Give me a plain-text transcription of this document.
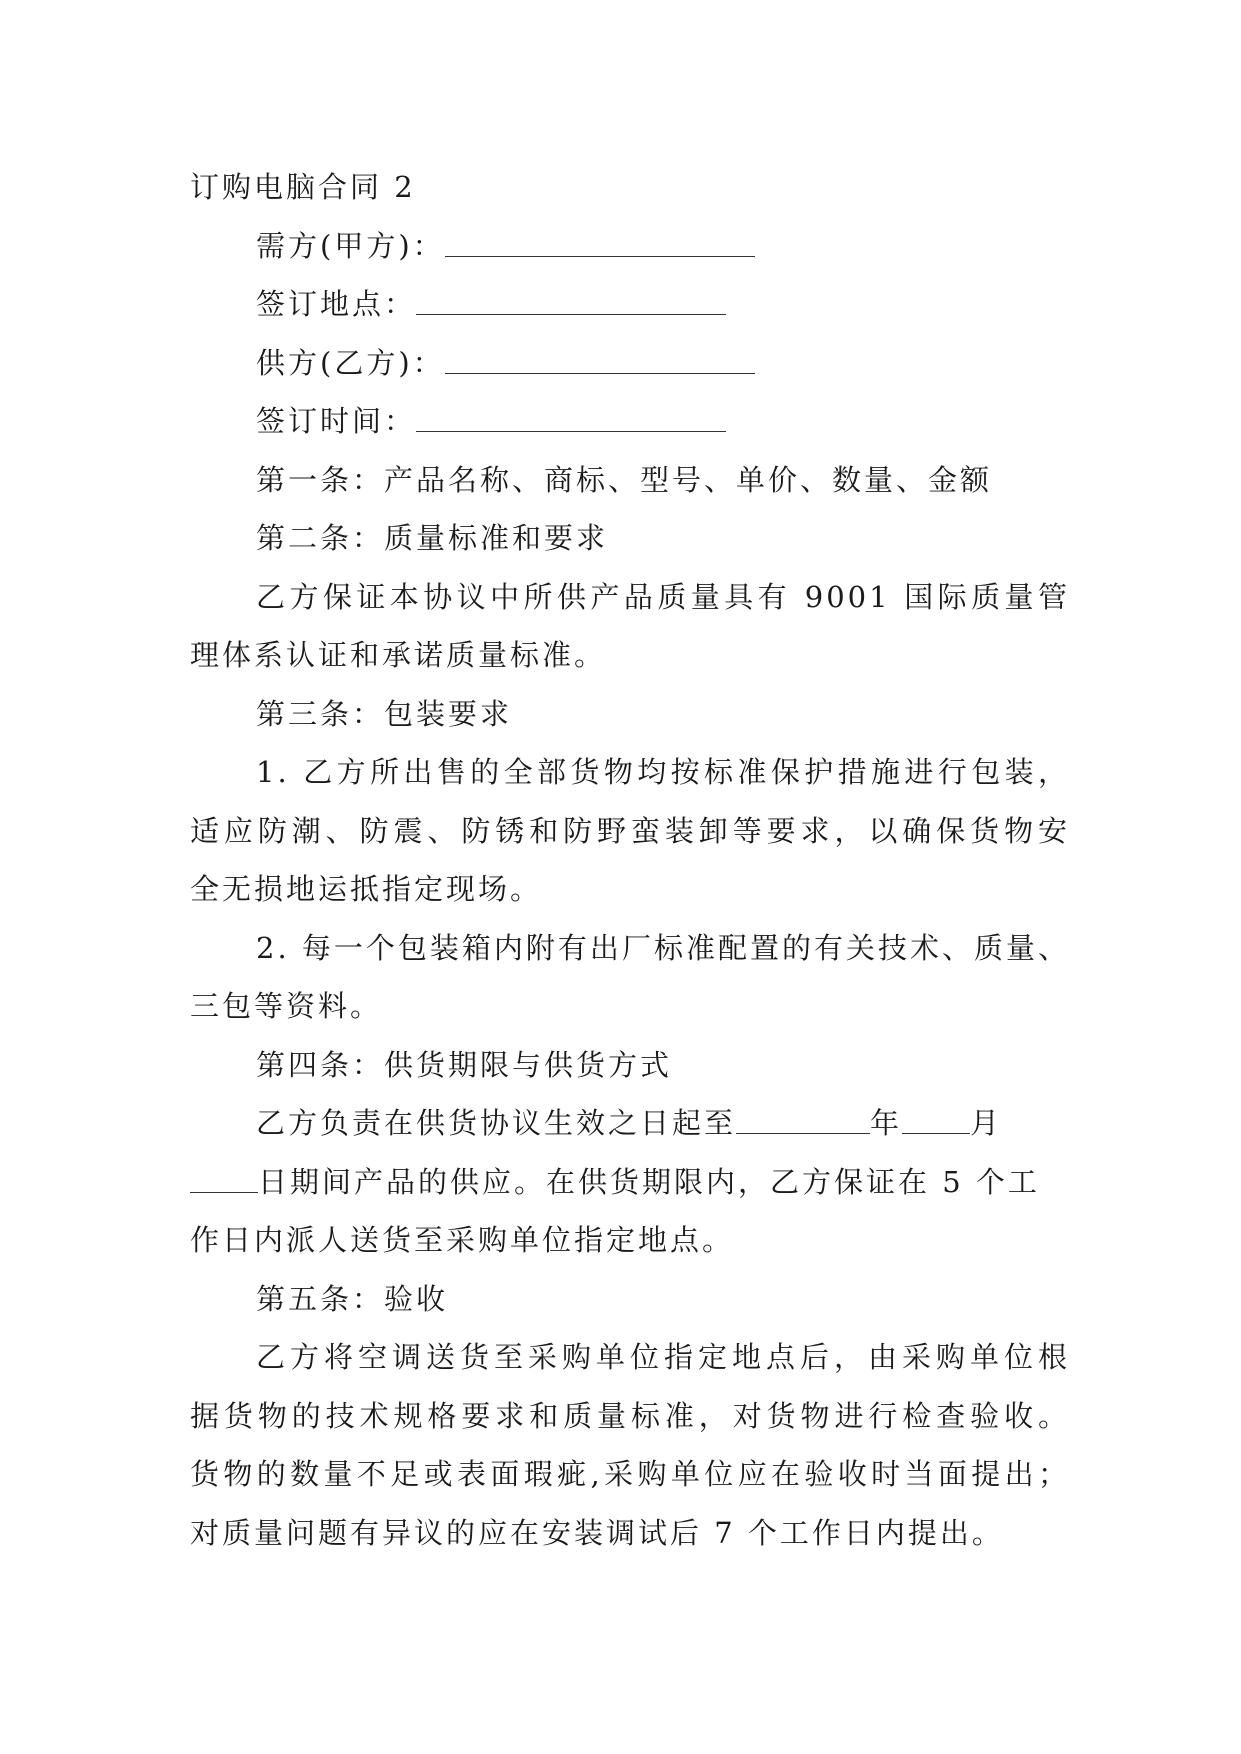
订购电脑合同 2
需方(甲方)：
签订地点：
供方(乙方)：
签订时间：
第一条：产品名称、商标、型号、单价、数量、金额
第二条：质量标准和要求
乙方保证本协议中所供产品质量具有 9001 国际质量管
理体系认证和承诺质量标准。
第三条：包装要求
1. 乙方所出售的全部货物均按标准保护措施进行包装，
适应防潮、防震、防锈和防野蛮装卸等要求，以确保货物安
全无损地运抵指定现场。
2. 每一个包装箱内附有出厂标准配置的有关技术、质量、
三包等资料。
第四条：供货期限与供货方式
乙方负责在供货协议生效之日起至	年 月
日期间产品的供应。在供货期限内，乙方保证在 5 个工
作日内派人送货至采购单位指定地点。
第五条：验收
乙方将空调送货至采购单位指定地点后，由采购单位根
据货物的技术规格要求和质量标准，对货物进行检查验收。
货物的数量不足或表面瑕疵,采购单位应在验收时当面提出；
对质量问题有异议的应在安装调试后 7 个工作日内提出。
